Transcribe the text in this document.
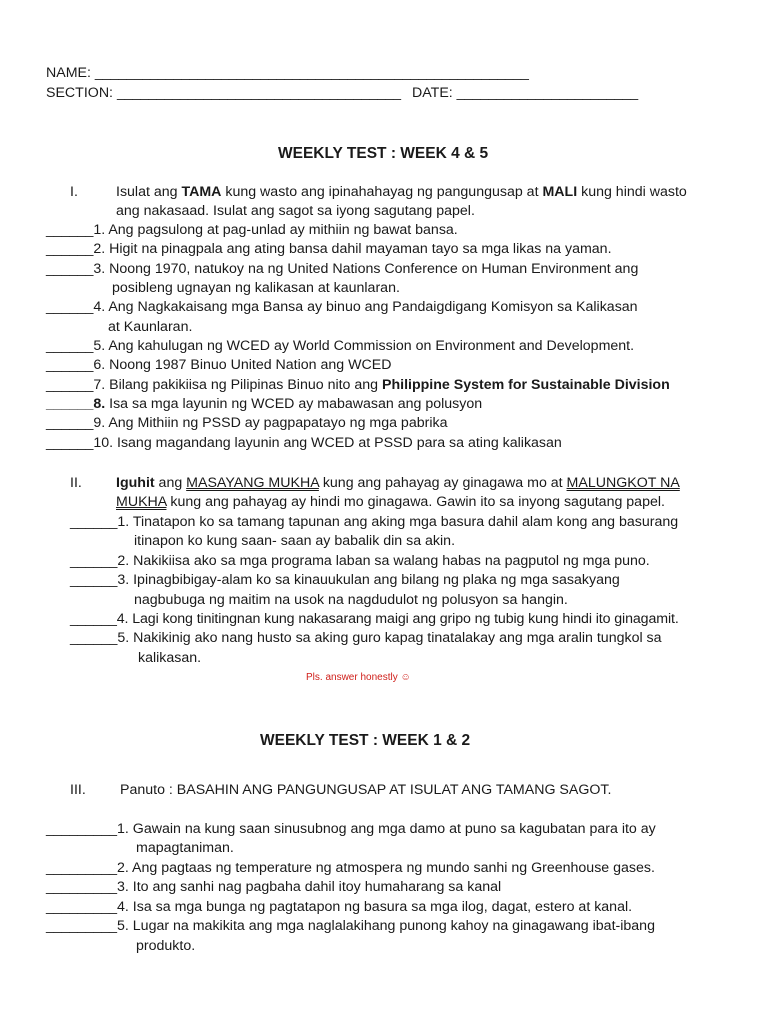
NAME: _______________________________________________________
SECTION: ____________________________________ DATE: _______________________
WEEKLY TEST : WEEK 4 & 5
I.	Isulat ang TAMA kung wasto ang ipinahahayag ng pangungusap at MALI kung hindi wasto
ang nakasaad. Isulat ang sagot sa iyong sagutang papel.
______1. Ang pagsulong at pag-unlad ay mithiin ng bawat bansa.
______2. Higit na pinagpala ang ating bansa dahil mayaman tayo sa mga likas na yaman.
______3. Noong 1970, natukoy na ng United Nations Conference on Human Environment ang
posibleng ugnayan ng kalikasan at kaunlaran.
______4. Ang Nagkakaisang mga Bansa ay binuo ang Pandaigdigang Komisyon sa Kalikasan
at Kaunlaran.
______5. Ang kahulugan ng WCED ay World Commission on Environment and Development.
______6. Noong 1987 Binuo United Nation ang WCED
______7. Bilang pakikiisa ng Pilipinas Binuo nito ang Philippine System for Sustainable Division
______8. Isa sa mga layunin ng WCED ay mabawasan ang polusyon
______9. Ang Mithiin ng PSSD ay pagpapatayo ng mga pabrika
______10. Isang magandang layunin ang WCED at PSSD para sa ating kalikasan
II. Iguhit ang MASAYANG MUKHA kung ang pahayag ay ginagawa mo at MALUNGKOT NA
MUKHA kung ang pahayag ay hindi mo ginagawa. Gawin ito sa inyong sagutang papel.
______1. Tinatapon ko sa tamang tapunan ang aking mga basura dahil alam kong ang basurang
itinapon ko kung saan- saan ay babalik din sa akin.
______2. Nakikiisa ako sa mga programa laban sa walang habas na pagputol ng mga puno.
______3. Ipinagbibigay-alam ko sa kinauukulan ang bilang ng plaka ng mga sasakyang
nagbubuga ng maitim na usok na nagdudulot ng polusyon sa hangin.
______4. Lagi kong tinitingnan kung nakasarang maigi ang gripo ng tubig kung hindi ito ginagamit.
______5. Nakikinig ako nang husto sa aking guro kapag tinatalakay ang mga aralin tungkol sa
kalikasan.
Pls. answer honestly ☺
WEEKLY TEST : WEEK 1 & 2
III. Panuto : BASAHIN ANG PANGUNGUSAP AT ISULAT ANG TAMANG SAGOT.
_________1. Gawain na kung saan sinusubnog ang mga damo at puno sa kagubatan para ito ay
mapagtaniman.
_________2. Ang pagtaas ng temperature ng atmospera ng mundo sanhi ng Greenhouse gases.
_________3. Ito ang sanhi nag pagbaha dahil itoy humaharang sa kanal
_________4. Isa sa mga bunga ng pagtatapon ng basura sa mga ilog, dagat, estero at kanal.
_________5. Lugar na makikita ang mga naglalakihang punong kahoy na ginagawang ibat-ibang
produkto.
